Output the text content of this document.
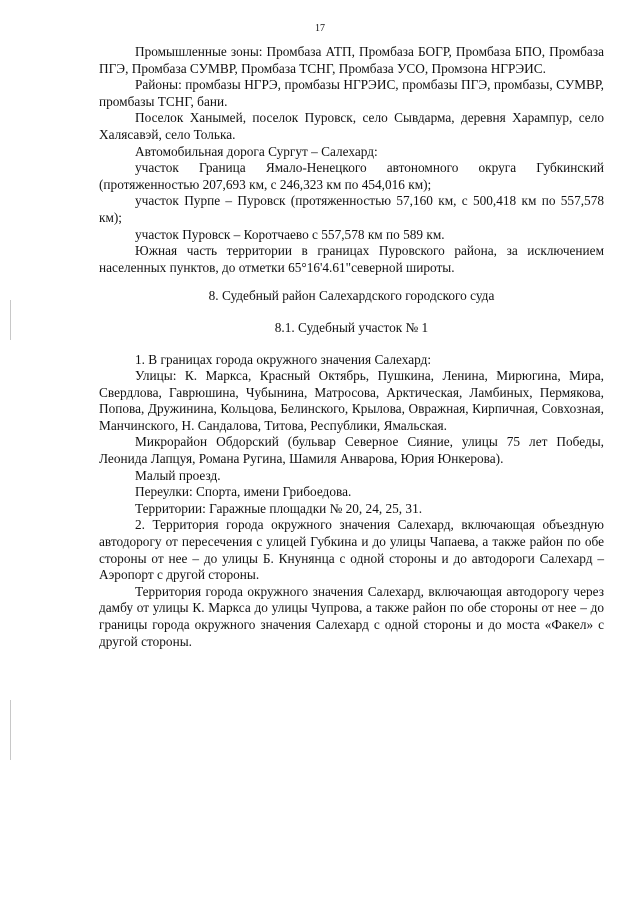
17

Промышленные зоны: Промбаза АТП, Промбаза БОГР, Промбаза БПО, Промбаза ПГЭ, Промбаза СУМВР, Промбаза ТСНГ, Промбаза УСО, Промзона НГРЭИС.

Районы: промбазы НГРЭ, промбазы НГРЭИС, промбазы ПГЭ, промбазы, СУМВР, промбазы ТСНГ, бани.

Поселок Ханымей, поселок Пуровск, село Сывдарма, деревня Харампур, село Халясавэй, село Толька.

Автомобильная дорога Сургут – Салехард:

участок Граница Ямало-Ненецкого автономного округа Губкинский (протяженностью 207,693 км, с 246,323 км по 454,016 км);

участок Пурпе – Пуровск (протяженностью 57,160 км, с 500,418 км по 557,578 км);

участок Пуровск – Коротчаево с 557,578 км по 589 км.

Южная часть территории в границах Пуровского района, за исключением населенных пунктов, до отметки 65°16'4.61"северной широты.

8. Судебный район Салехардского городского суда

8.1. Судебный участок № 1

1. В границах города окружного значения Салехард:

Улицы: К. Маркса, Красный Октябрь, Пушкина, Ленина, Мирюгина, Мира, Свердлова, Гаврюшина, Чубынина, Матросова, Арктическая, Ламбиных, Пермякова, Попова, Дружинина, Кольцова, Белинского, Крылова, Овражная, Кирпичная, Совхозная, Манчинского, Н. Сандалова, Титова, Республики, Ямальская.

Микрорайон Обдорский (бульвар Северное Сияние, улицы 75 лет Победы, Леонида Лапцуя, Романа Ругина, Шамиля Анварова, Юрия Юнкерова).

Малый проезд.

Переулки: Спорта, имени Грибоедова.

Территории: Гаражные площадки № 20, 24, 25, 31.

2. Территория города окружного значения Салехард, включающая объездную автодорогу от пересечения с улицей Губкина и до улицы Чапаева, а также район по обе стороны от нее – до улицы Б. Кнунянца с одной стороны и до автодороги Салехард – Аэропорт с другой стороны.

Территория города окружного значения Салехард, включающая автодорогу через дамбу от улицы К. Маркса до улицы Чупрова, а также район по обе стороны от нее – до границы города окружного значения Салехард с одной стороны и до моста «Факел» с другой стороны.
